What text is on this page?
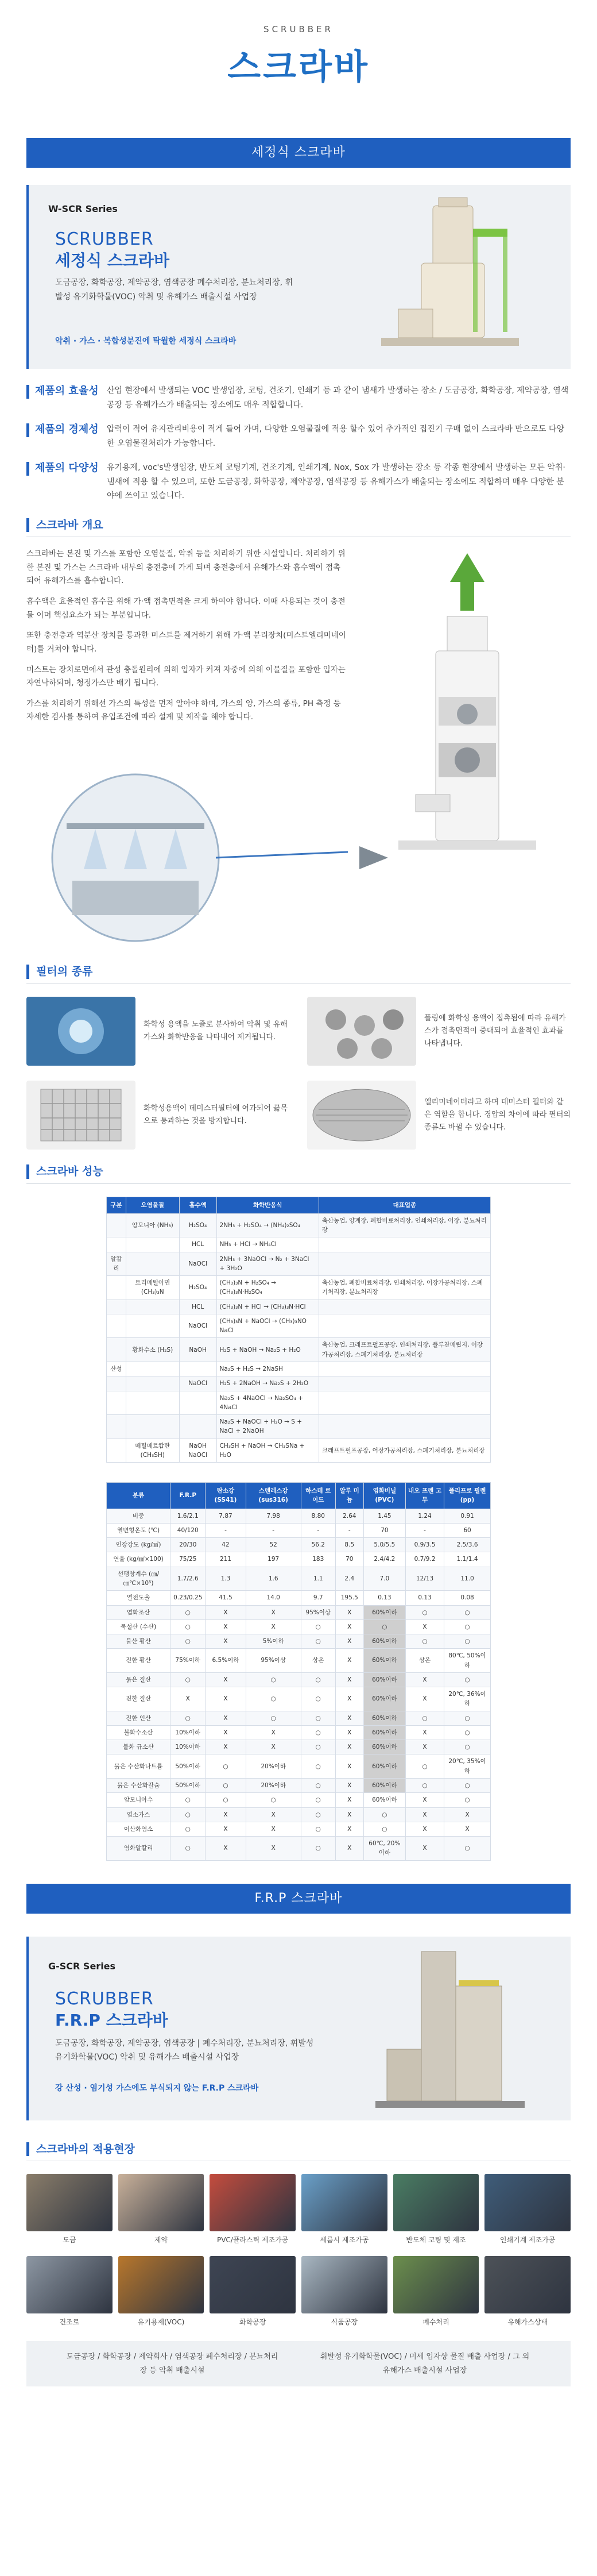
SCRUBBER
스크라바
세정식 스크라바
W-SCR Series
SCRUBBER
세정식 스크라바
도금공장, 화학공장, 제약공장, 염색공장 폐수처리장, 분뇨처리장, 휘발성 유기화학물(VOC) 악취 및 유해가스 배출시설 사업장
악취 · 가스 · 복합성분진에 탁월한 세정식 스크라바
제품의 효율성	산업 현장에서 발생되는 VOC 발생업장, 코팅, 건조기, 인쇄기 등 과 같이 냄새가 발생하는 장소 / 도금공장, 화학공장, 제약공장, 염색공장 등 유해가스가 배출되는 장소에도 매우 적합합니다.
제품의 경제성	압력이 적어 유지관리비용이 적게 들어 가며, 다양한 오염물질에 적용 할수 있어 추가적인 집진기 구매 없이 스크라바 만으로도 다양한 오염물질처리가 가능합니다.
제품의 다양성	유기용제, voc's발생업장, 반도체 코팅기계, 건조기계, 인쇄기계, Nox, Sox 가 발생하는 장소 등 각종 현장에서 발생하는 모든 악취·냄새에 적용 할 수 있으며, 또한 도금공장, 화학공장, 제약공장, 염색공장 등 유해가스가 배출되는 장소에도 적합하며 매우 다양한 분야에 쓰이고 있습니다.
스크라바 개요

스크라바는 본진 및 가스를 포함한 오염물질, 악취 등을 처리하기 위한 시설입니다. 처리하기 위한 본진 및 가스는 스크라바 내부의 충전층에 가게 되며 충전층에서 유해가스와 흡수액이 접촉되어 유해가스를 흡수합니다.

흡수액은 효율적인 흡수를 위해 가·액 접촉면적을 크게 하여야 합니다. 이때 사용되는 것이 충전물 이며 핵심요소가 되는 부분입니다.

또한 충전층과 역분산 장치를 통과한 미스트를 제거하기 위해 가·액 분리장치(미스트엘리미네이터)를 거쳐야 합니다.

미스트는 장치로면에서 관성 충돌원리에 의해 입자가 커져 자중에 의해 이물질들 포함한 입자는 자연낙하되며, 청정가스만 배기 됩니다.

가스를 처리하기 위해선 가스의 특성을 먼저 알아야 하며, 가스의 양, 가스의 종류, PH 측정 등 자세한 검사를 통하여 유입조건에 따라 설계 및 제작을 해야 합니다.

필터의 종류
화학성 용액을 노즐로 분사하여 악취 및 유해가스와 화학반응을 나타내어 제거됩니다.
폴링에 화학성 용액이 접촉됨에 따라 유해가스가 접촉면적이 증대되어 효율적인 효과를 나타냅니다.
화학성용액이 데미스터필터에 여과되어 끓목으로 통과하는 것을 방지합니다.
엘리미네이터라고 하며 데미스터 필터와 같은 역할을 합니다. 경압의 차이에 따라 필터의 종류도 바뀔 수 있습니다.
스크라바 성능
구분	오염물질	흡수액	화학반응식	대표업종
	암모니아 (NH₃)	H₂SO₄	2NH₃ + H₂SO₄ → (NH₄)₂SO₄	축산농업, 양계장, 폐합비료처리장, 인쇄처리장, 어장, 분뇨처리장
		HCL	NH₃ + HCl → NH₄Cl	
알칼리		NaOCl	2NH₃ + 3NaOCl → N₂ + 3NaCl + 3H₂O	
	트리메틸아민 (CH₃)₃N	H₂SO₄	(CH₃)₃N + H₂SO₄ → (CH₃)₃N·H₂SO₄	축산농업, 폐합비료처리장, 인쇄처리장, 어장가공처리장, 스폐기처리장, 분뇨처리장
		HCL	(CH₃)₃N + HCl → (CH₃)₃N·HCl	
		NaOCl	(CH₃)₃N + NaOCl → (CH₃)₃NO NaCl	
	황화수소 (H₂S)	NaOH	H₂S + NaOH → Na₂S + H₂O	축산농업, 크래프트펄프공장, 인쇄처리장, 플루찬매립지, 어장가공처리장, 스폐기처리장, 분뇨처리장
산성			Na₂S + H₂S → 2NaSH	
		NaOCl	H₂S + 2NaOH → Na₂S + 2H₂O	
			Na₂S + 4NaOCl → Na₂SO₄ + 4NaCl	
			Na₂S + NaOCl + H₂O → S + NaCl + 2NaOH	
	메틸메르캅탄 (CH₃SH)	NaOH NaOCl	CH₃SH + NaOH → CH₃SNa + H₂O	크래프트펄프공장, 어장가공처리장, 스폐기처리장, 분뇨처리장
분류	F.R.P	탄소강 (SS41)	스텐레스강 (sus316)	하스테 로이드	알루 미늄	염화비닐 (PVC)	내오 프렌 고무	폴리프로 필렌(pp)
비중	1.6/2.1	7.87	7.98	8.80	2.64	1.45	1.24	0.91
열변형온도 (℃)	40/120	-	-	-	-	70	-	60
인장강도 (kg/㎟)	20/30	42	52	56.2	8.5	5.0/5.5	0.9/3.5	2.5/3.6
연율 (kg/㎟×100)	75/25	211	197	183	70	2.4/4.2	0.7/9.2	1.1/1.4
선팽창계수 (㎝/㎝℃×10⁵)	1.7/2.6	1.3	1.6	1.1	2.4	7.0	12/13	11.0
열전도율	0.23/0.25	41.5	14.0	9.7	195.5	0.13	0.13	0.08
염화조산	○	X	X	95%이상	X	60%이하	○	○
묵설산 (수산)	○	X	X	○	X	○	X	○
불산 황산	○	X	5%이하	○	X	60%이하	○	○
진한 황산	75%이하	6.5%이하	95%이상	상온	X	60%이하	상온	80℃, 50%이하
묽은 질산	○	X	○	○	X	60%이하	X	○
진한 질산	X	X	○	○	X	60%이하	X	20℃, 36%이하
진한 인산	○	X	○	○	X	60%이하	○	○
불화수소산	10%이하	X	X	○	X	60%이하	X	○
불화 규소산	10%이하	X	X	○	X	60%이하	X	○
묽은 수산화나트륨	50%이하	○	20%이하	○	X	60%이하	○	20℃, 35%이하
묽은 수산화칼슘	50%이하	○	20%이하	○	X	60%이하	○	○
암모니아수	○	○	○	○	X	60%이하	X	○
염소가스	○	X	X	○	X	○	X	X
이산화염소	○	X	X	○	X	○	X	X
염화알칼리	○	X	X	○	X	60℃, 20%이하	X	○
F.R.P 스크라바
G-SCR Series
SCRUBBER
F.R.P 스크라바
도금공장, 화학공장, 제약공장, 염색공장 | 폐수처리장, 분뇨처리장, 휘발성 유기화학물(VOC) 악취 및 유해가스 배출시설 사업장
강 산성 · 염기성 가스에도 부식되지 않는 F.R.P 스크라바
스크라바의 적용현장
도금	제약	PVC/플라스틱 제조가공	세륨시 제조가공	반도체 코팅 및 제조	인쇄기계 제조가공
건조로	유기용제(VOC)	화학공장	식품공장	폐수처리	유해가스상태
도금공장 / 화학공장 / 제약회사 / 염색공장 폐수처리장 / 분뇨처리장 등 악취 배출시설
휘발성 유기화학물(VOC) / 미세 입자상 물질 배출 사업장 / 그 외 유해가스 배출시설 사업장
